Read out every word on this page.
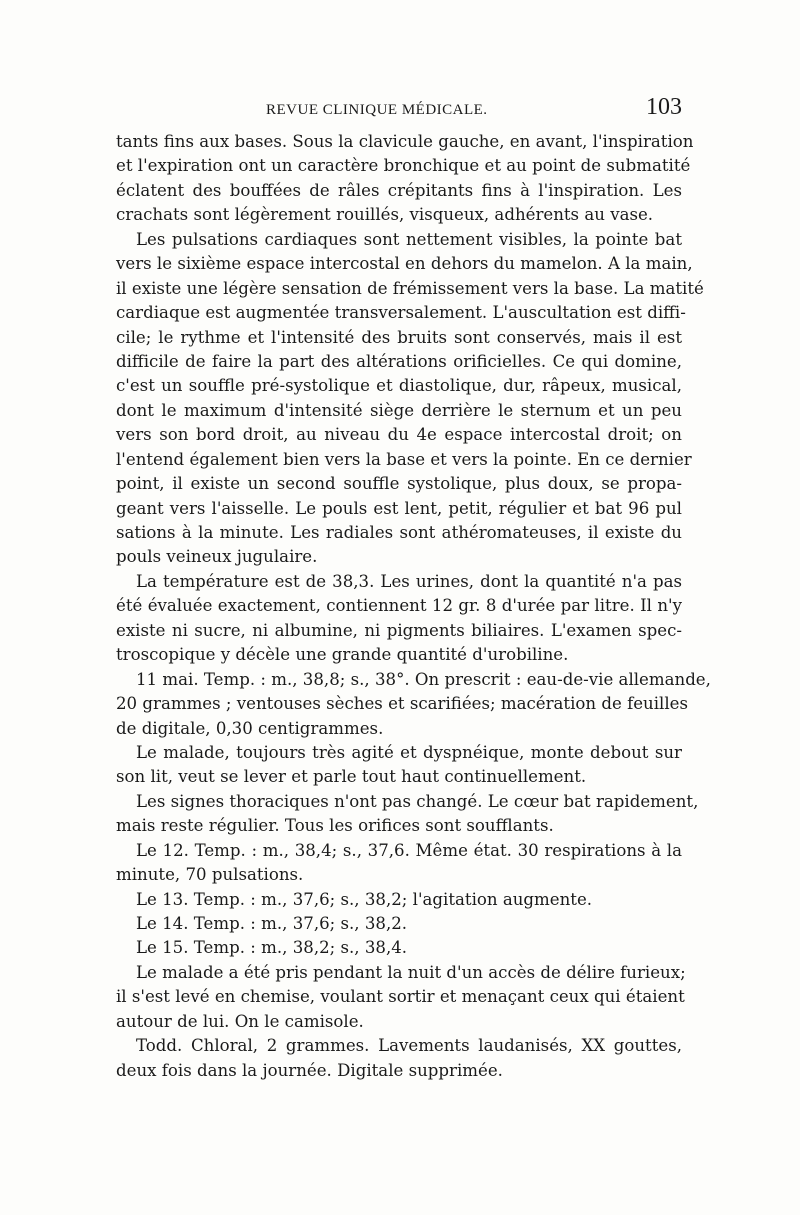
REVUE CLINIQUE MÉDICALE.	103
tants fins aux bases. Sous la clavicule gauche, en avant, l'inspiration
et l'expiration ont un caractère bronchique et au point de submatité
éclatent des bouffées de râles crépitants fins à l'inspiration. Les
crachats sont légèrement rouillés, visqueux, adhérents au vase.
Les pulsations cardiaques sont nettement visibles, la pointe bat
vers le sixième espace intercostal en dehors du mamelon. A la main,
il existe une légère sensation de frémissement vers la base. La matité
cardiaque est augmentée transversalement. L'auscultation est diffi-
cile; le rythme et l'intensité des bruits sont conservés, mais il est
difficile de faire la part des altérations orificielles. Ce qui domine,
c'est un souffle pré-systolique et diastolique, dur, râpeux, musical,
dont le maximum d'intensité siège derrière le sternum et un peu
vers son bord droit, au niveau du 4e espace intercostal droit; on
l'entend également bien vers la base et vers la pointe. En ce dernier
point, il existe un second souffle systolique, plus doux, se propa-
geant vers l'aisselle. Le pouls est lent, petit, régulier et bat 96 pul
sations à la minute. Les radiales sont athéromateuses, il existe du
pouls veineux jugulaire.
La température est de 38,3. Les urines, dont la quantité n'a pas
été évaluée exactement, contiennent 12 gr. 8 d'urée par litre. Il n'y
existe ni sucre, ni albumine, ni pigments biliaires. L'examen spec-
troscopique y décèle une grande quantité d'urobiline.
11 mai. Temp. : m., 38,8; s., 38°. On prescrit : eau-de-vie allemande,
20 grammes ; ventouses sèches et scarifiées; macération de feuilles
de digitale, 0,30 centigrammes.
Le malade, toujours très agité et dyspnéique, monte debout sur
son lit, veut se lever et parle tout haut continuellement.
Les signes thoraciques n'ont pas changé. Le cœur bat rapidement,
mais reste régulier. Tous les orifices sont soufflants.
Le 12. Temp. : m., 38,4; s., 37,6. Même état. 30 respirations à la
minute, 70 pulsations.
Le 13. Temp. : m., 37,6; s., 38,2; l'agitation augmente.
Le 14. Temp. : m., 37,6; s., 38,2.
Le 15. Temp. : m., 38,2; s., 38,4.
Le malade a été pris pendant la nuit d'un accès de délire furieux;
il s'est levé en chemise, voulant sortir et menaçant ceux qui étaient
autour de lui. On le camisole.
Todd. Chloral, 2 grammes. Lavements laudanisés, XX gouttes,
deux fois dans la journée. Digitale supprimée.
